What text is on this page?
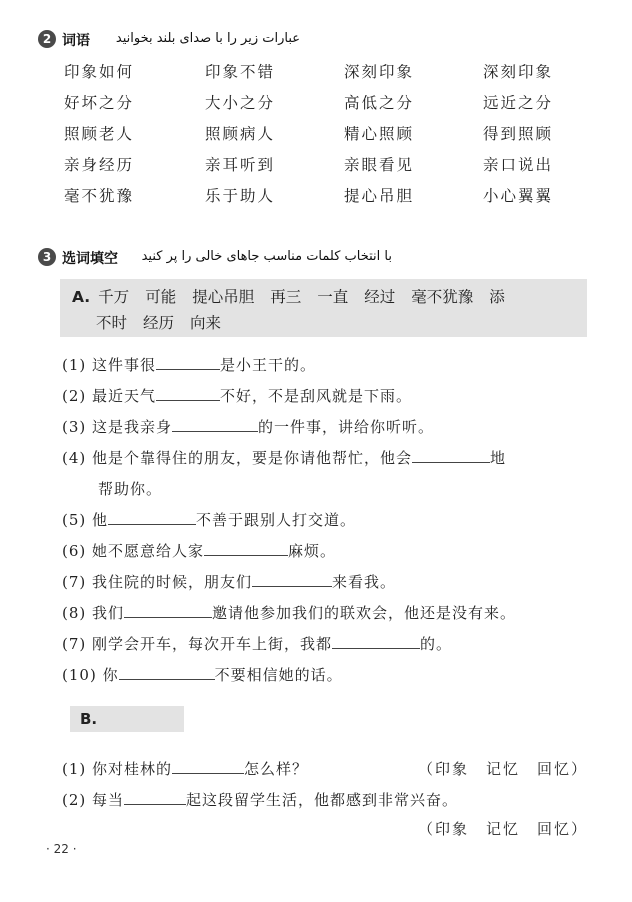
2 词语 عبارات زیر را با صدای بلند بخوانید
印象如何	印象不错	深刻印象	深刻印象
好坏之分	大小之分	高低之分	远近之分
照顾老人	照顾病人	精心照顾	得到照顾
亲身经历	亲耳听到	亲眼看见	亲口说出
毫不犹豫	乐于助人	提心吊胆	小心翼翼
3 选词填空 با انتخاب کلمات مناسب جاهای خالی را پر کنید
A. 千万 可能 提心吊胆 再三 一直 经过 毫不犹豫 添
不时 经历 向来
(1) 这件事很	是小王干的。
(2) 最近天气	不好，不是刮风就是下雨。
(3) 这是我亲身	的一件事，讲给你听听。
(4) 他是个靠得住的朋友，要是你请他帮忙，他会	地
帮助你。
(5) 他	不善于跟别人打交道。
(6) 她不愿意给人家	麻烦。
(7) 我住院的时候，朋友们	来看我。
(8) 我们	邀请他参加我们的联欢会，他还是没有来。
(7) 刚学会开车，每次开车上街，我都	的。
(10) 你	不要相信她的话。
B.
(1) 你对桂林的	怎么样？	（印象　记忆　回忆）
(2) 每当	起这段留学生活，他都感到非常兴奋。
（印象　记忆　回忆）
· 22 ·
